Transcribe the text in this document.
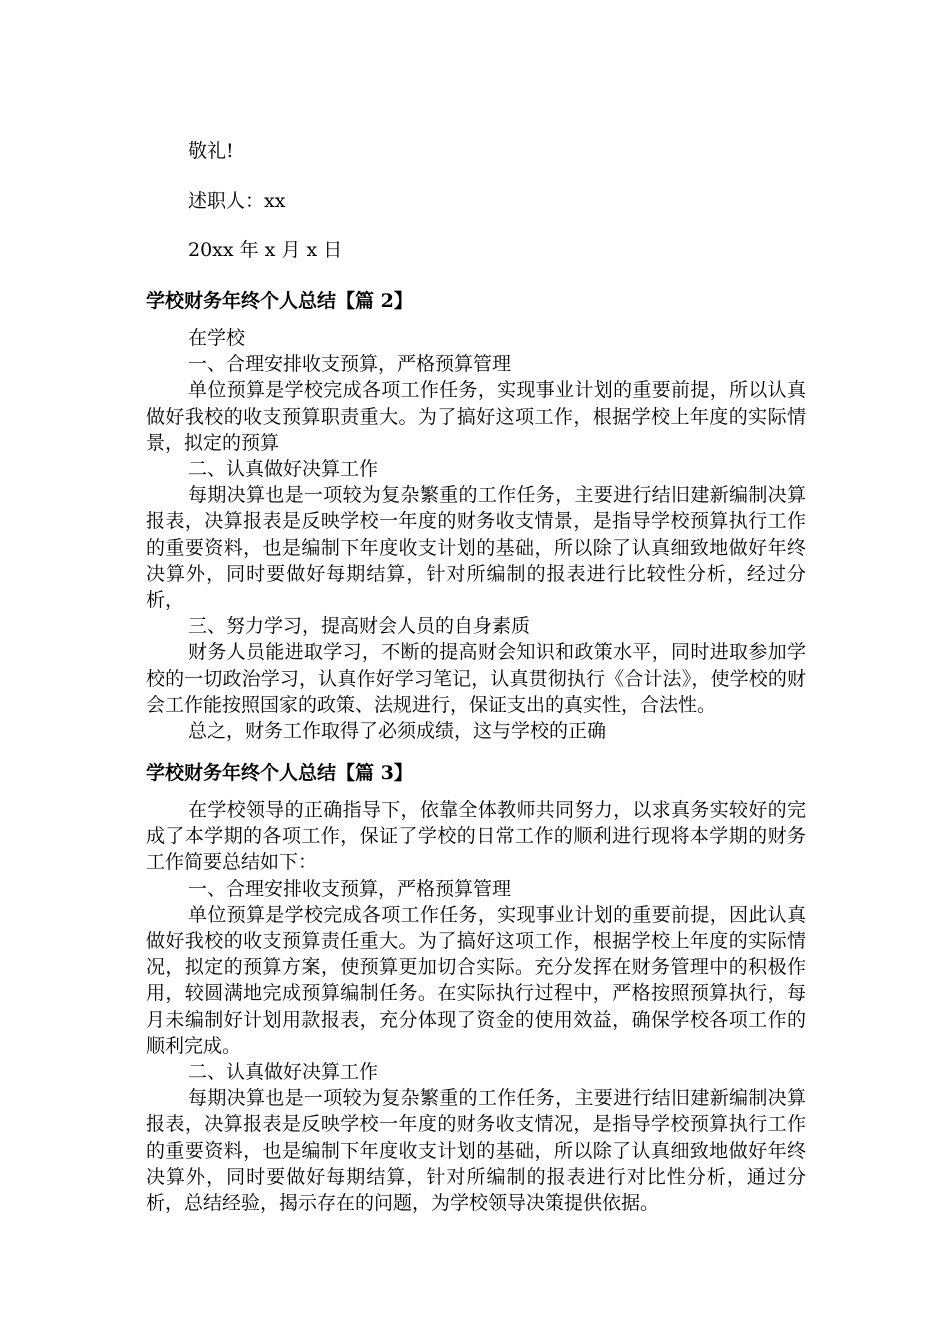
敬礼!
述职人：xx
20xx 年 x 月 x 日
学校财务年终个人总结【篇 2】

在学校

一、合理安排收支预算，严格预算管理

单位预算是学校完成各项工作任务，实现事业计划的重要前提，所以认真做好我校的收支预算职责重大。为了搞好这项工作，根据学校上年度的实际情景，拟定的预算

二、认真做好决算工作

每期决算也是一项较为复杂繁重的工作任务，主要进行结旧建新编制决算报表，决算报表是反映学校一年度的财务收支情景，是指导学校预算执行工作的重要资料，也是编制下年度收支计划的基础，所以除了认真细致地做好年终决算外，同时要做好每期结算，针对所编制的报表进行比较性分析，经过分析，

三、努力学习，提高财会人员的自身素质

财务人员能进取学习，不断的提高财会知识和政策水平，同时进取参加学校的一切政治学习，认真作好学习笔记，认真贯彻执行《合计法》，使学校的财会工作能按照国家的政策、法规进行，保证支出的真实性，合法性。

总之，财务工作取得了必须成绩，这与学校的正确

学校财务年终个人总结【篇 3】

在学校领导的正确指导下，依靠全体教师共同努力，以求真务实较好的完成了本学期的各项工作，保证了学校的日常工作的顺利进行现将本学期的财务工作简要总结如下：

一、合理安排收支预算，严格预算管理

单位预算是学校完成各项工作任务，实现事业计划的重要前提，因此认真做好我校的收支预算责任重大。为了搞好这项工作，根据学校上年度的实际情况，拟定的预算方案，使预算更加切合实际。充分发挥在财务管理中的积极作用，较圆满地完成预算编制任务。在实际执行过程中，严格按照预算执行，每月未编制好计划用款报表，充分体现了资金的使用效益，确保学校各项工作的顺利完成。

二、认真做好决算工作

每期决算也是一项较为复杂繁重的工作任务，主要进行结旧建新编制决算报表，决算报表是反映学校一年度的财务收支情况，是指导学校预算执行工作的重要资料，也是编制下年度收支计划的基础，所以除了认真细致地做好年终决算外，同时要做好每期结算，针对所编制的报表进行对比性分析，通过分析，总结经验，揭示存在的问题，为学校领导决策提供依据。
